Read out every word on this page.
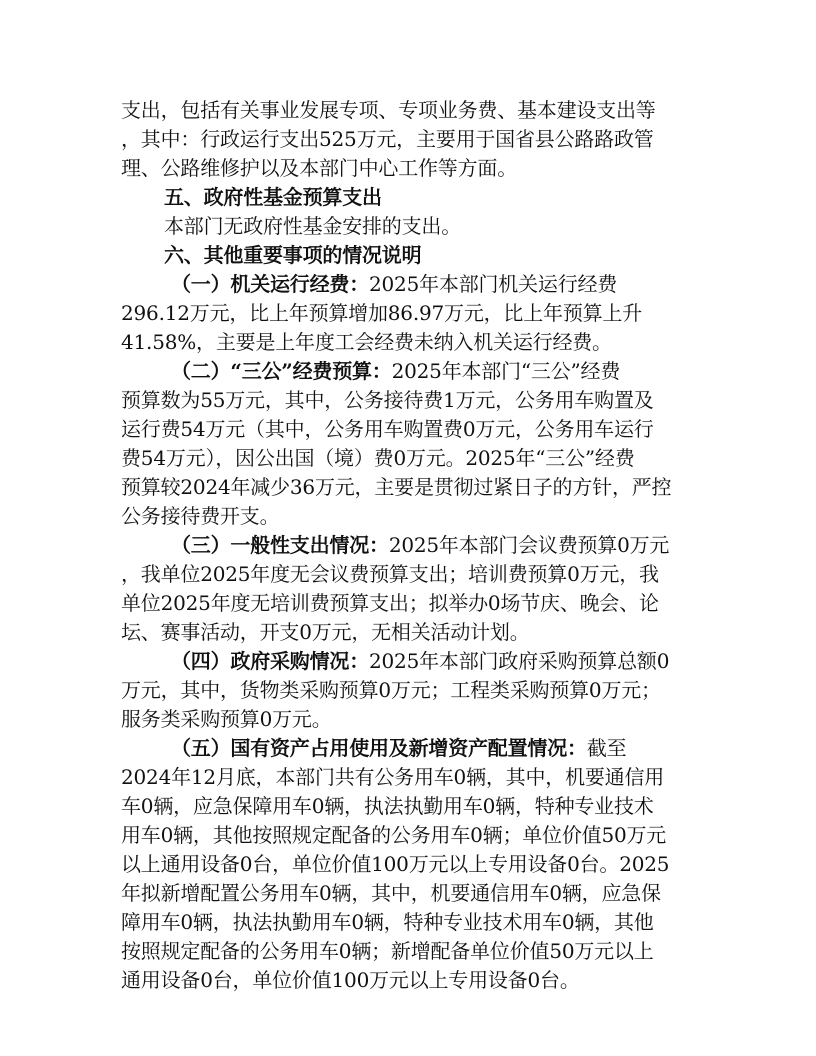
支出，包括有关事业发展专项、专项业务费、基本建设支出等
，其中：行政运行支出525万元，主要用于国省县公路路政管
理、公路维修护以及本部门中心工作等方面。
五、政府性基金预算支出
本部门无政府性基金安排的支出。
六、其他重要事项的情况说明
（一）机关运行经费：2025年本部门机关运行经费
296.12万元，比上年预算增加86.97万元，比上年预算上升
41.58%，主要是上年度工会经费未纳入机关运行经费。
（二）“三公”经费预算：2025年本部门“三公”经费
预算数为55万元，其中，公务接待费1万元，公务用车购置及
运行费54万元（其中，公务用车购置费0万元，公务用车运行
费54万元），因公出国（境）费0万元。2025年“三公”经费
预算较2024年减少36万元，主要是贯彻过紧日子的方针，严控
公务接待费开支。
（三）一般性支出情况：2025年本部门会议费预算0万元
，我单位2025年度无会议费预算支出；培训费预算0万元，我
单位2025年度无培训费预算支出；拟举办0场节庆、晚会、论
坛、赛事活动，开支0万元，无相关活动计划。
（四）政府采购情况：2025年本部门政府采购预算总额0
万元，其中，货物类采购预算0万元；工程类采购预算0万元；
服务类采购预算0万元。
（五）国有资产占用使用及新增资产配置情况：截至
2024年12月底，本部门共有公务用车0辆，其中，机要通信用
车0辆，应急保障用车0辆，执法执勤用车0辆，特种专业技术
用车0辆，其他按照规定配备的公务用车0辆；单位价值50万元
以上通用设备0台，单位价值100万元以上专用设备0台。2025
年拟新增配置公务用车0辆，其中，机要通信用车0辆，应急保
障用车0辆，执法执勤用车0辆，特种专业技术用车0辆，其他
按照规定配备的公务用车0辆；新增配备单位价值50万元以上
通用设备0台，单位价值100万元以上专用设备0台。
